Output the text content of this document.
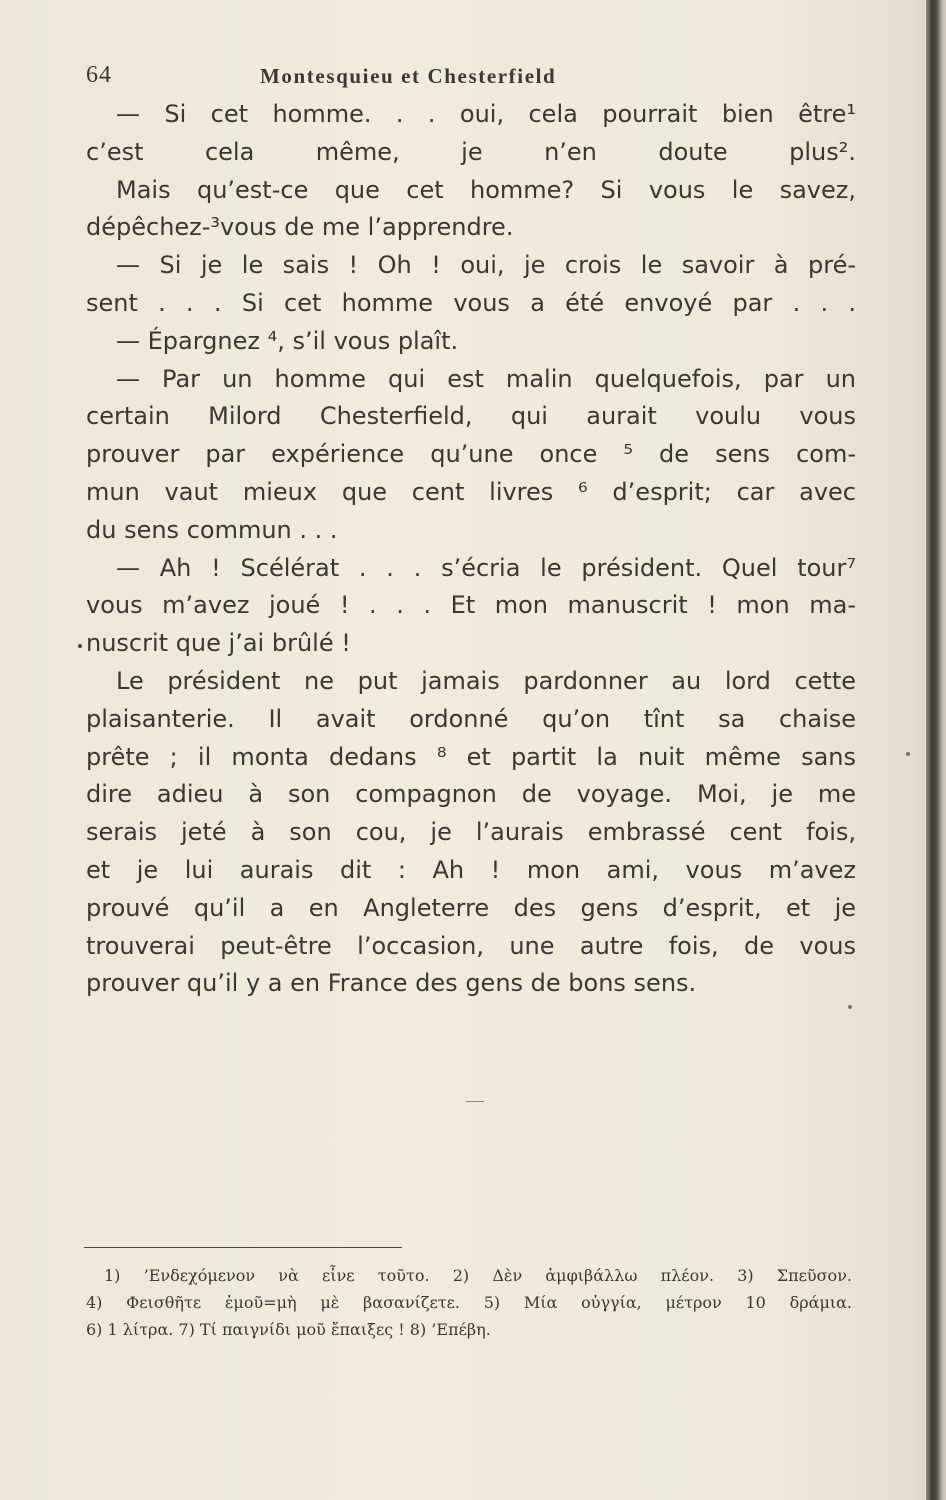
64	Montesquieu et Chesterfield
— Si cet homme. . . oui, cela pourrait bien être¹
c’est cela même, je n’en doute plus².
Mais qu’est-ce que cet homme? Si vous le savez,
dépêchez-³vous de me l’apprendre.
— Si je le sais ! Oh ! oui, je crois le savoir à pré-
sent . . . Si cet homme vous a été envoyé par . . .
— Épargnez ⁴, s’il vous plaît.
— Par un homme qui est malin quelquefois, par un
certain Milord Chesterfield, qui aurait voulu vous
prouver par expérience qu’une once ⁵ de sens com-
mun vaut mieux que cent livres ⁶ d’esprit; car avec
du sens commun . . .
— Ah ! Scélérat . . . s’écria le président. Quel tour⁷
vous m’avez joué ! . . . Et mon manuscrit ! mon ma-
nuscrit que j’ai brûlé !
Le président ne put jamais pardonner au lord cette
plaisanterie. Il avait ordonné qu’on tînt sa chaise
prête ; il monta dedans ⁸ et partit la nuit même sans
dire adieu à son compagnon de voyage. Moi, je me
serais jeté à son cou, je l’aurais embrassé cent fois,
et je lui aurais dit : Ah ! mon ami, vous m’avez
prouvé qu’il a en Angleterre des gens d’esprit, et je
trouverai peut-être l’occasion, une autre fois, de vous
prouver qu’il y a en France des gens de bons sens.
1) ’Ενδεχόμενον νὰ εἶνε τοῦτο. 2) Δὲν ἀμφιβάλλω πλέον. 3) Σπεῦσον.
4) Φεισθῆτε ἐμοῦ=μὴ μὲ βασανίζετε. 5) Μία οὐγγία, μέτρον 10 δράμια.
6) 1 λίτρα. 7) Τί παιγνίδι μοῦ ἔπαιξες ! 8) ’Επέβη.
